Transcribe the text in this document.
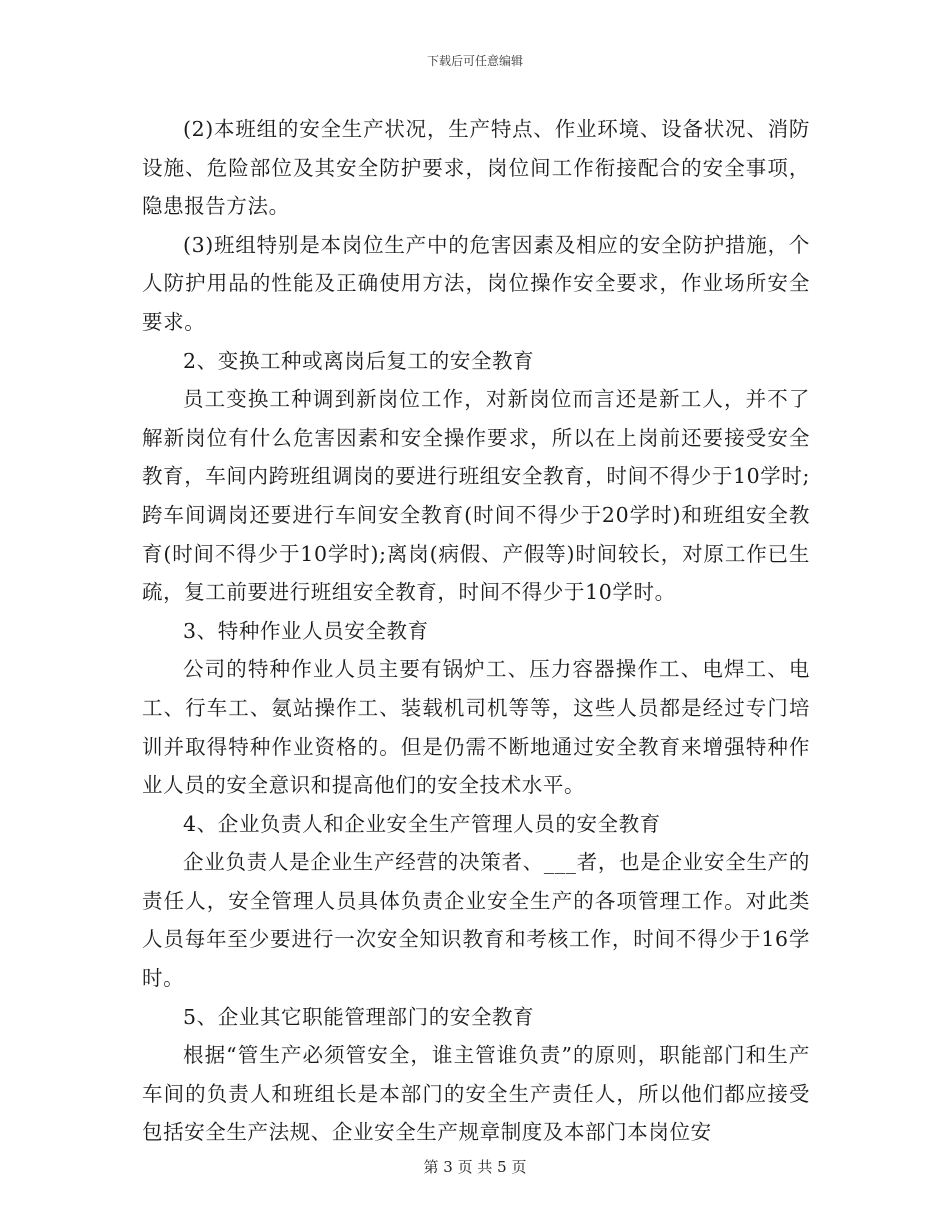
下载后可任意编辑

(2)本班组的安全生产状况，生产特点、作业环境、设备状况、消防设施、危险部位及其安全防护要求，岗位间工作衔接配合的安全事项，隐患报告方法。

(3)班组特别是本岗位生产中的危害因素及相应的安全防护措施，个人防护用品的性能及正确使用方法，岗位操作安全要求，作业场所安全要求。

2、变换工种或离岗后复工的安全教育

员工变换工种调到新岗位工作，对新岗位而言还是新工人，并不了解新岗位有什么危害因素和安全操作要求，所以在上岗前还要接受安全教育，车间内跨班组调岗的要进行班组安全教育，时间不得少于10学时;跨车间调岗还要进行车间安全教育(时间不得少于20学时)和班组安全教育(时间不得少于10学时);离岗(病假、产假等)时间较长，对原工作已生疏，复工前要进行班组安全教育，时间不得少于10学时。

3、特种作业人员安全教育

公司的特种作业人员主要有锅炉工、压力容器操作工、电焊工、电工、行车工、氨站操作工、装载机司机等等，这些人员都是经过专门培训并取得特种作业资格的。但是仍需不断地通过安全教育来增强特种作业人员的安全意识和提高他们的安全技术水平。

4、企业负责人和企业安全生产管理人员的安全教育

企业负责人是企业生产经营的决策者、___者，也是企业安全生产的责任人，安全管理人员具体负责企业安全生产的各项管理工作。对此类人员每年至少要进行一次安全知识教育和考核工作，时间不得少于16学时。

5、企业其它职能管理部门的安全教育

根据“管生产必须管安全，谁主管谁负责”的原则，职能部门和生产车间的负责人和班组长是本部门的安全生产责任人，所以他们都应接受包括安全生产法规、企业安全生产规章制度及本部门本岗位安

第 3 页 共 5 页
